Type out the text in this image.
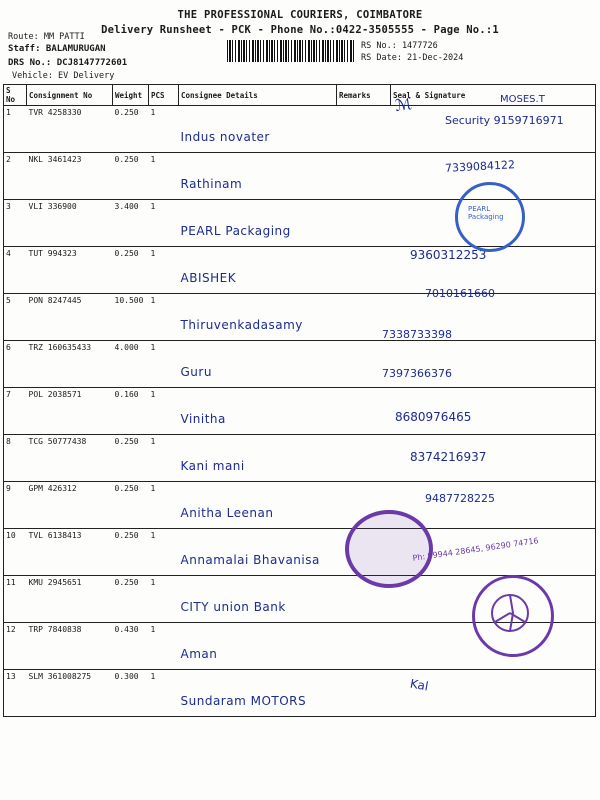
THE PROFESSIONAL COURIERS, COIMBATORE
Delivery Runsheet - PCK - Phone No.:0422-3505555 - Page No.:1
Route: MM PATTI
Staff: BALAMURUGAN
DRS No.: DCJ8147772601
Vehicle: EV Delivery
RS No.: 1477726
RS Date: 21-Dec-2024
S No	Consignment No	Weight	PCS	Consignee Details	Remarks	Seal & Signature
1	TVR 4258330	0.250	1	Indus novater		
2	NKL 3461423	0.250	1	Rathinam		
3	VLI 336900	3.400	1	PEARL Packaging		
4	TUT 994323	0.250	1	ABISHEK		
5	PON 8247445	10.500	1	Thiruvenkadasamy		
6	TRZ 160635433	4.000	1	Guru		
7	POL 2038571	0.160	1	Vinitha		
8	TCG 50777438	0.250	1	Kani mani		
9	GPM 426312	0.250	1	Anitha Leenan		
10	TVL 6138413	0.250	1	Annamalai Bhavanisa		
11	KMU 2945651	0.250	1	CITY union Bank		
12	TRP 7840838	0.430	1	Aman		
13	SLM 361008275	0.300	1	Sundaram MOTORS		
ℳ	MOSES.T
Security 9159716971
7339084122
9360312253
7010161660
7338733398
7397366376
8680976465
8374216937
9487728225
Kal
PEARL Packaging
Ph: 99944 28645, 96290 74716
